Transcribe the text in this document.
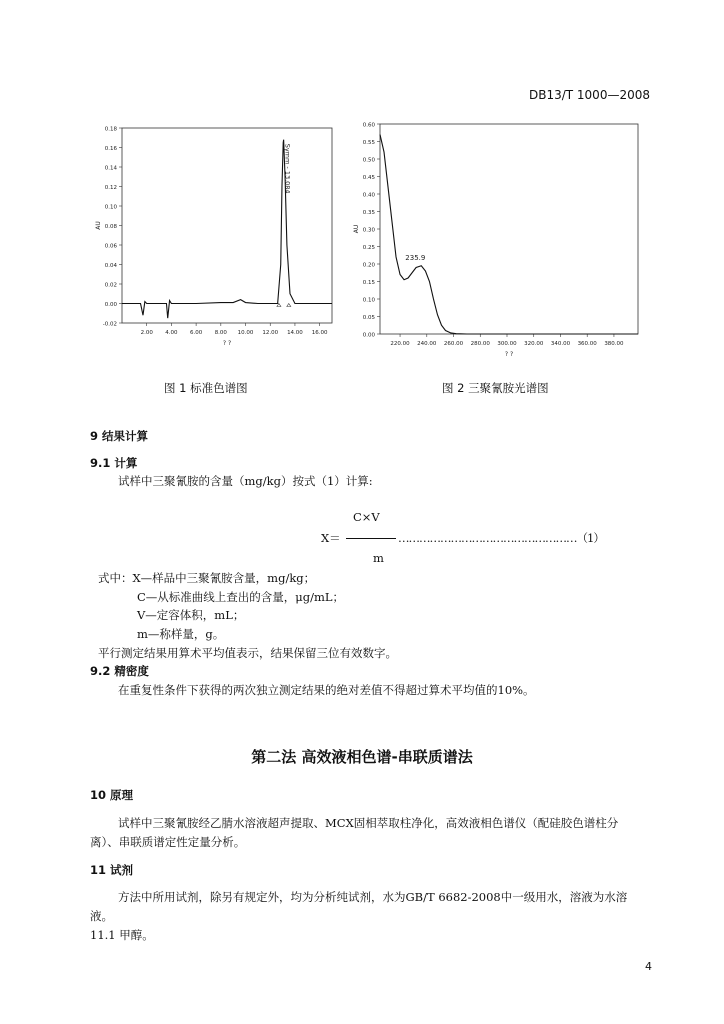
DB13/T 1000—2008
0.18
0.16
0.14
0.12
0.10
0.08
0.06
0.04
0.02
0.00
-0.02
2.00 4.00 6.00 8.00 10.00 12.00 14.00 16.00
AU
? ?
Symm - 13.084
0.60
0.55
0.50
0.45
0.40
0.35
0.30
0.25
0.20
0.15
0.10
0.05
0.00
220.00 240.00 260.00 280.00 300.00 320.00 340.00 360.00 380.00
AU
? ?
235.9
图 1 标准色谱图	图 2 三聚氰胺光谱图
9 结果计算
9.1 计算
试样中三聚氰胺的含量（mg/kg）按式（1）计算:
C×V
X＝	……………………………………………（1）
m
式中：X—样品中三聚氰胺含量，mg/kg；
C—从标准曲线上查出的含量，μg/mL；
V—定容体积，mL；
m—称样量，g。
平行测定结果用算术平均值表示，结果保留三位有效数字。
9.2 精密度
在重复性条件下获得的两次独立测定结果的绝对差值不得超过算术平均值的10%。
第二法 高效液相色谱-串联质谱法
10 原理
试样中三聚氰胺经乙腈水溶液超声提取、MCX固相萃取柱净化，高效液相色谱仪（配硅胶色谱柱分
离）、串联质谱定性定量分析。
11 试剂
方法中所用试剂，除另有规定外，均为分析纯试剂，水为GB/T 6682-2008中一级用水，溶液为水溶
液。
11.1 甲醇。
4
